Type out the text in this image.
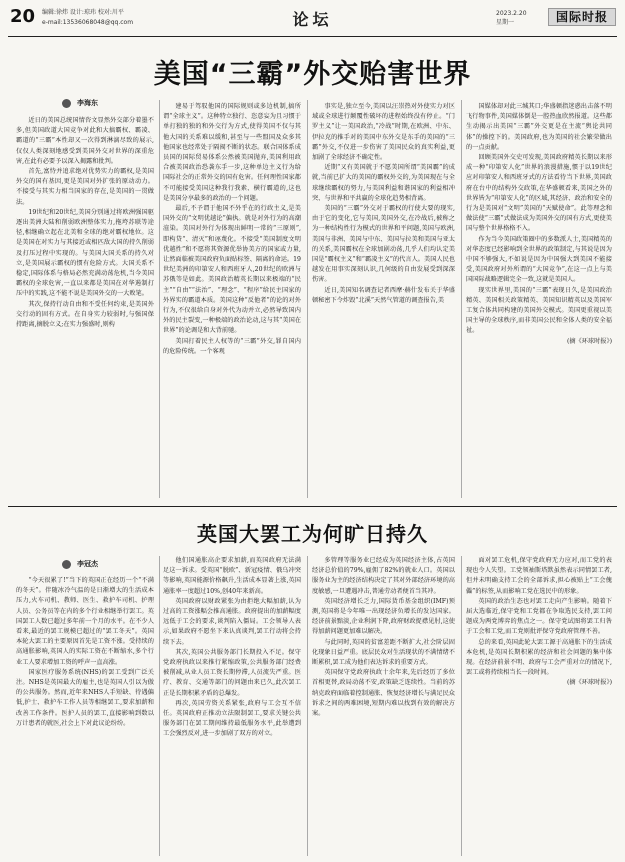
20 编辑:徐炜 设计:琼玮 校对:川平
e-mail:13536068048@qq.com	论坛	2023.2.20
星期一	国际时报
美国“三霸”外交贻害世界
李海东

近日的美国总统国情咨文显然外交部分着墨不多,但美国政道大国竞争对此和大搞霸权、霸凌、霸道的“三霸”本性却又一次得到淋漓尽致的展示,仅仅人类深刻地感受到美国外交对世界的深重危害,在此有必要予以深入揭露和批判。

首先,富恃并追求绝对优势实力的霸权,是美国外交的国有基因,更是美国对外扩张的原动动力。不接受与其实力相当国家的存在,是美国的一贯做法。

19世纪和20世纪,美国分别通过将欧洲强国驱逐出美洲大陆和削弱欧洲整体实力,拖垮苏联等途径,相继确立起在北美和全球的绝对霸权地位。这是美国在对实力与其接近或相匹敌大国的持久削弱及打压过程中实现的。与美国大国关系的持久对立,是美国展示霸权的惯有危险方式。大国关系不稳定,国际体系与格局必然充满动荡危机,当今美国霸权的全球危害,一直以来都是美国在对华遏制打压中的实践,这不能不说是美国外交的一大败笔。

其次,保持行动自由和不受任何约束,是美国外交行动的固有方式。在自身实力较弱时,与强国保持距离,摘脱立义;在实力强盛时,则构

建易于驾驭他国的国际规则或多边机制,搞所谓“全球主义”。这种特立独行、恣意妄为且习惯于单打独的独的和外交行为方式,使得美国不仅与其他大国的关系难以缓和,甚至与一些盟国及众多其他国家也经常处于隔阂不断的状态。联合国体系成员国的国际贸易体系公然被美国抛弃,美国利用政合被美国政治恐袭东手一步,这种单边主义行为给国际社会的正常外交的国有危害。任何理性国家都不可能接受美国这种我行我素、横行霸道的,这也是美国分享最多的政治的一个问题。

最后,不予谓于他国不外乎在的行政主义,是美国外交的“文明优越论”偏执。就是对外行为的高潮渲染。美国对外行为体现出鲜明一常的“三原则”,即构贷“、清灭”和诬蔑化。不接受“美国制度文明优越性”和不愿将其资源优举协美方的国家或力量,让然面临被美国政府负面贴标签、隔离的命运。19世纪美洲的印第安人和西班牙人,20世纪的欧洲与苏俄等是如此。美国政治精英长期以来极端的“民主”“自由”“法治”、“理念”、“程序”给民主国家的外界实的霸道本质。美国这种“反他者”的论的对外行为,不仅很给自身对外代为动并立,必然导致国内外的民主裂变,一种极端的政治论动,这与其“美国在世界”的论调是和大背前驰。

美国打着民主人权等的“三霸”外交,罪自国内的危险传统。一个客观

事实是,独立至今,美国以汪崇热对外使实力对区域或全球进行颠覆性破坏的进程始终没有停止。“门罗主义”让一美国政治,“冷战”时期,在欧洲、中东、伊拉克的推手对的美国中东外交是东手的美国的“三霸”外交,不仅进一步伤害了美国民众的真实利益,更加剧了全球经济不确定性。

近期“又有美国就于不愿美国所谓“美国霸”的成就,当前已扩大的美国的霸权外交的,为美国现在与全球继续霸权的努力,与美国利益和谐国家的利益相冲突、与世界和平共赢的全球化趋势相背离。

美国的“三霸”外交对于霸权的行使大要的现实,由于它的变化,它与美国,美国外交,在冷战后,被称之为一种结构性行为模式的世界和平问题,美国与欧洲,美国与非洲、美国与中东、美国与拉美和美国与亚太的关系,美国霸权在全球加剧动荡,几乎人们均认定美国是“霸权主义”和“霸凌主义”的代言人。美国人民也越发在用事实深刻认识,几何级的自由发展受到深深伤害。

近日,美国知名调查记者西摩·赫什发布关于华盛顿秘密下令炸毁“北溪”天然气管道的调查报告,美

国媒体却对此三缄其口;华盛顿指迷惑出击落不明飞行物事件,美国媒体倒是一腔热血欣然报道。这些都生动揭示出美国“三霸”外交更是在主流“舆论共同体”的操控下的。美国政府,也为美国的社会繁荣做出的一点贡献。

回顾美国外交史可发现,美国政府精英长期以来形成一种“印第安人化”世界的浪漫措施,惯于以19世纪应对印第安人和西班牙式的方法看待当下世界,美国政府在台中的结构外交政策,在华盛顿看来,美国之外的世界皆为“印第安人化”的区域,其经济、政治和安全的行为是美国对“文明”美国的“天赋使命”。此等理念和做法使“三霸”式做法成为美国外交的国有方式,更使美国与整个世界格格不入。

作为当今美国政策圈中的多数派人士,美国精英的对华态度已经影响到全世界的政策制定,与其说是因为中国不够强大,不如说是因为中国强大到美国不能接受,美国政府对外所谓的“大国竞争”,在这一点上与美国国际战略逻辑完全一致,这就是美国人。

现实世界里,美国的“三霸”表现日久,是美国政治精英、美国相关政策精英、美国知识精英以及美国军工复合体共同构建的美国外交模式。美国更重视以美国主导的全球秩序,而非美国公民和全体人类的安全福祉。

(摘《环球时报》)
英国大罢工为何旷日持久
李冠杰

“今天很累了!”当下的英国正在经历一个“不满的冬天”。伴随冰冷气温的是日渐增大的生活成本压力,火车司机、教师、医生、救护车司机、护理人员、公务员等在内的多个行业相继举行罢工。英国罢工人数已超过多年前一个月的水平。在不少人看来,最近的罢工规模已超过的“罢工冬天”。英国本轮大罢工的主要原因首先是工资不涨。受持续的高通胀影响,英国人的实际工资在不断缩水,多个行业工人要求增加工资的呼声一直高涨。

国家医疗服务系统(NHS)的罢工受到广泛关注。NHS是英国最大的雇主,也是英国人引以为傲的公共服务。然而,近年来NHS人手短缺、待遇偏低,护士、救护车工作人员等相继罢工,要求加薪和改善工作条件。医护人员的罢工,直接影响到数以万计患者的就医,社会上下对此议论纷纷。

他们国通胀高企要求加薪,而英国政府无法满足这一诉求。受英国“脱欧”、新冠疫情、俄乌冲突等影响,英国能源价格飙升,生活成本显著上涨,英国通胀率一度超过10%,创40年来新高。

英国政府以财政紧张为由拒绝大幅加薪,认为过高的工资涨幅会推高通胀。政府提出的加薪幅度远低于工会的要求,谈判陷入僵局。工会领导人表示,如果政府不愿坐下来认真谈判,罢工行动将会持续下去。

其次,英国公共服务部门长期投入不足。保守党政府执政以来推行紧缩政策,公共服务部门经费被削减,从业人员工资长期停滞,人员流失严重。医疗、教育、交通等部门的问题由来已久,此次罢工正是长期积累矛盾的总爆发。

再次,英国劳资关系紧张,政府与工会互不信任。英国政府正推动立法限制罢工,要求关键公共服务部门在罢工期间维持最低服务水平,此举遭到工会强烈反对,进一步加剧了双方的对立。

多管理等服务业已经成为英国经济主体,占英国经济总价值的79%,雇佣了82%的就业人口。英国以服务业为主的经济结构决定了其对外部经济环境的高度敏感,一旦遭遇冲击,普通劳动者便首当其冲。

英国经济增长乏力,国际货币基金组织(IMF)预测,英国将是今年唯一出现经济负增长的发达国家。经济前景黯淡,企业利润下降,政府财政捉襟见肘,这使得加薪问题更加难以解决。

与此同时,英国的贫富差距不断扩大,社会阶层固化现象日益严重。底层民众对生活现状的不满情绪不断累积,罢工成为他们表达诉求的重要方式。

英国保守党政府执政十余年来,先后经历了多位首相更替,政局动荡不安,政策缺乏连续性。当前的苏纳克政府面临着控制通胀、恢复经济增长与满足民众诉求之间的两难困境,短期内难以找到有效的解决方案。

面对罢工危机,保守党政府无力应对,而工党的表现也令人失望。工党领袖斯塔默虽然表示同情罢工者,但并未明确支持工会的全部诉求,担心被贴上“工会傀儡”的标签,从而影响工党在选民中的形象。

英国的政治生态也对罢工走向产生影响。随着下届大选临近,保守党和工党都在争取选民支持,罢工问题成为两党博弈的焦点之一。保守党试图将罢工归咎于工会和工党,而工党则批评保守党政府管理不善。

总的来看,英国此轮大罢工源于高通胀下的生活成本危机,是英国长期积累的经济和社会问题的集中体现。在经济前景不明、政府与工会严重对立的情况下,罢工或将持续相当长一段时间。

(摘《环球时报》)
